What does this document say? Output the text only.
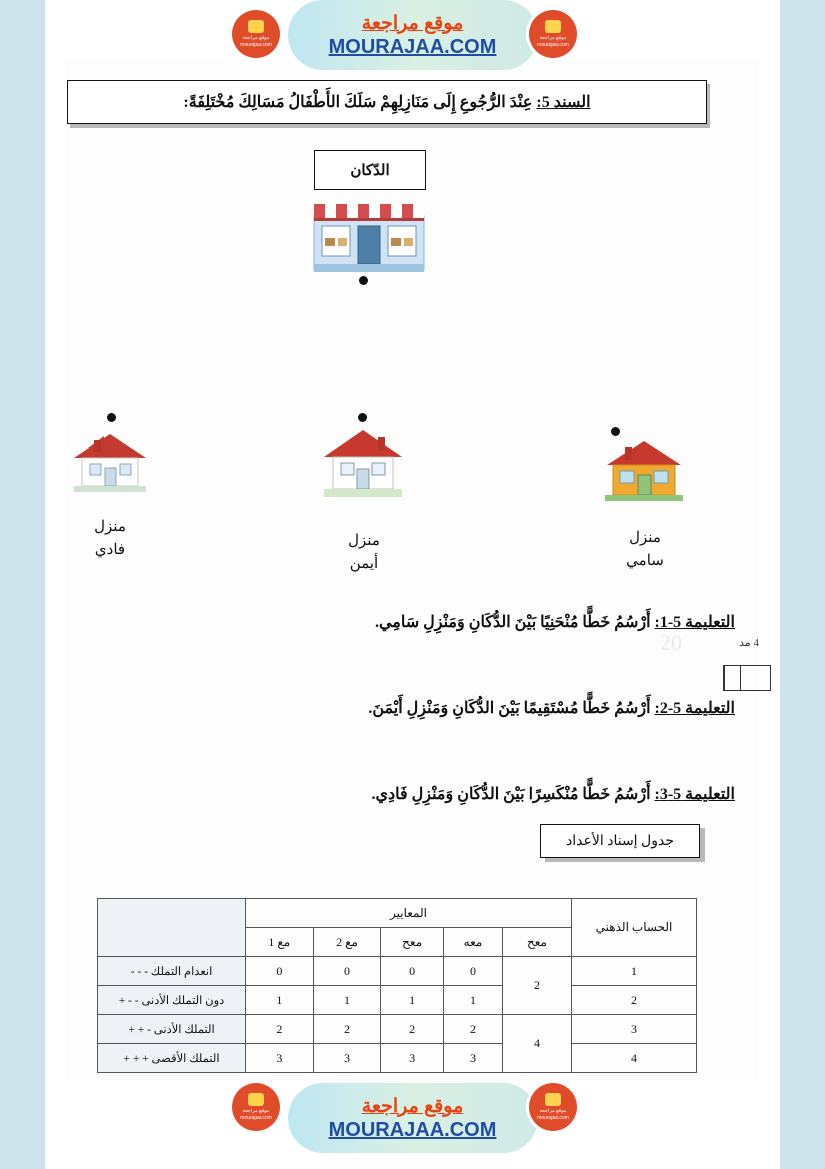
السند 5: عِنْدَ الرُّجُوعِ إِلَى مَنَازِلِهِمْ سَلَكَ الأَطْفَالُ مَسَالِكَ مُخْتَلِفَةً:
الدّكان
منزل
فادي
منزل
أيمن
منزل
سامي
التعليمة 5-1: أَرْسُمُ خَطًّا مُنْحَنِيًا بَيْنَ الدُّكَانِ وَمَنْزِلِ سَامِي.
التعليمة 5-2: أَرْسُمُ خَطًّا مُسْتَقِيمًا بَيْنَ الدُّكَانِ وَمَنْزِلِ أَيْمَنَ.
التعليمة 5-3: أَرْسُمُ خَطًّا مُنْكَسِرًا بَيْنَ الدُّكَانِ وَمَنْزِلِ فَادِي.
20	4 مد
جدول إسناد الأعداد
الحساب الذهني	المعايير					
	معح	معه	معح	مع 2	مع 1	
1	2	0	0	0	0	انعدام التملك - - -
2		1	1	1	1	دون التملك الأدنى - - +
3	4	2	2	2	2	التملك الأدنى - + +
4		3	3	3	3	التملك الأقصى + + +
موقع مراجعة
MOURAJAA.COM
موقع مراجعة mourajaa.com
موقع مراجعة mourajaa.com
موقع مراجعة
MOURAJAA.COM
موقع مراجعة mourajaa.com
موقع مراجعة mourajaa.com
